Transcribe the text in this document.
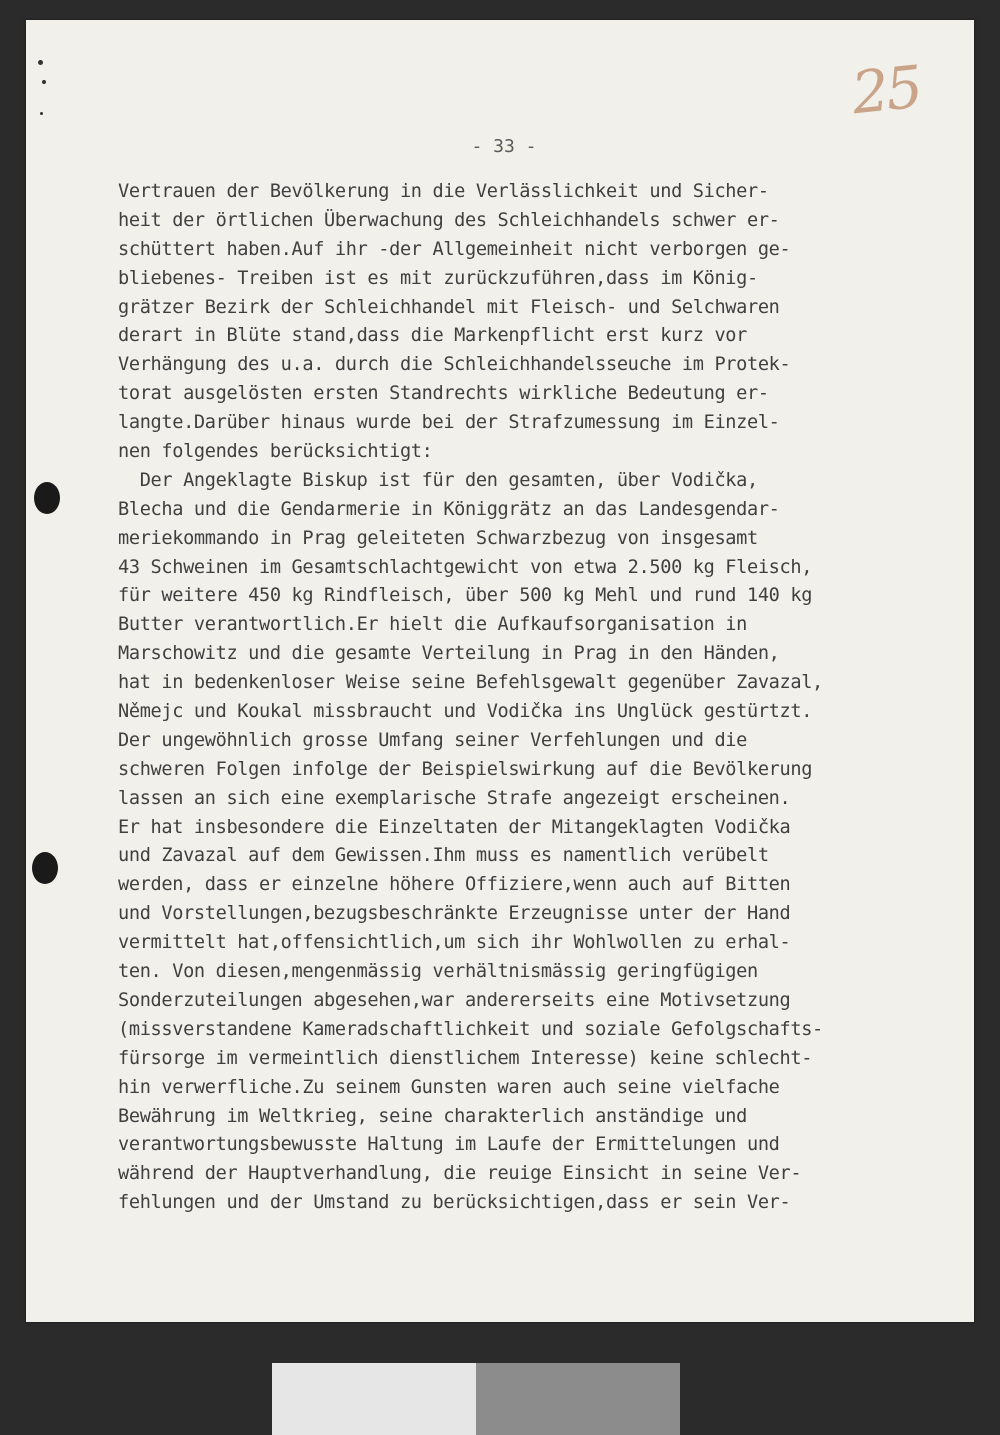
25
- 33 -
Vertrauen der Bevölkerung in die Verlässlichkeit und Sicher-
heit der örtlichen Überwachung des Schleichhandels schwer er-
schüttert haben.Auf ihr -der Allgemeinheit nicht verborgen ge-
bliebenes- Treiben ist es mit zurückzuführen,dass im König-
grätzer Bezirk der Schleichhandel mit Fleisch- und Selchwaren
derart in Blüte stand,dass die Markenpflicht erst kurz vor
Verhängung des u.a. durch die Schleichhandelsseuche im Protek-
torat ausgelösten ersten Standrechts wirkliche Bedeutung er-
langte.Darüber hinaus wurde bei der Strafzumessung im Einzel-
nen folgendes berücksichtigt:
Der Angeklagte Biskup ist für den gesamten, über Vodička,
Blecha und die Gendarmerie in Königgrätz an das Landesgendar-
meriekommando in Prag geleiteten Schwarzbezug von insgesamt
43 Schweinen im Gesamtschlachtgewicht von etwa 2.500 kg Fleisch,
für weitere 450 kg Rindfleisch, über 500 kg Mehl und rund 140 kg
Butter verantwortlich.Er hielt die Aufkaufsorganisation in
Marschowitz und die gesamte Verteilung in Prag in den Händen,
hat in bedenkenloser Weise seine Befehlsgewalt gegenüber Zavazal,
Němejc und Koukal missbraucht und Vodička ins Unglück gestürtzt.
Der ungewöhnlich grosse Umfang seiner Verfehlungen und die
schweren Folgen infolge der Beispielswirkung auf die Bevölkerung
lassen an sich eine exemplarische Strafe angezeigt erscheinen.
Er hat insbesondere die Einzeltaten der Mitangeklagten Vodička
und Zavazal auf dem Gewissen.Ihm muss es namentlich verübelt
werden, dass er einzelne höhere Offiziere,wenn auch auf Bitten
und Vorstellungen,bezugsbeschränkte Erzeugnisse unter der Hand
vermittelt hat,offensichtlich,um sich ihr Wohlwollen zu erhal-
ten. Von diesen,mengenmässig verhältnismässig geringfügigen
Sonderzuteilungen abgesehen,war andererseits eine Motivsetzung
(missverstandene Kameradschaftlichkeit und soziale Gefolgschafts-
fürsorge im vermeintlich dienstlichem Interesse) keine schlecht-
hin verwerfliche.Zu seinem Gunsten waren auch seine vielfache
Bewährung im Weltkrieg, seine charakterlich anständige und
verantwortungsbewusste Haltung im Laufe der Ermittelungen und
während der Hauptverhandlung, die reuige Einsicht in seine Ver-
fehlungen und der Umstand zu berücksichtigen,dass er sein Ver-
